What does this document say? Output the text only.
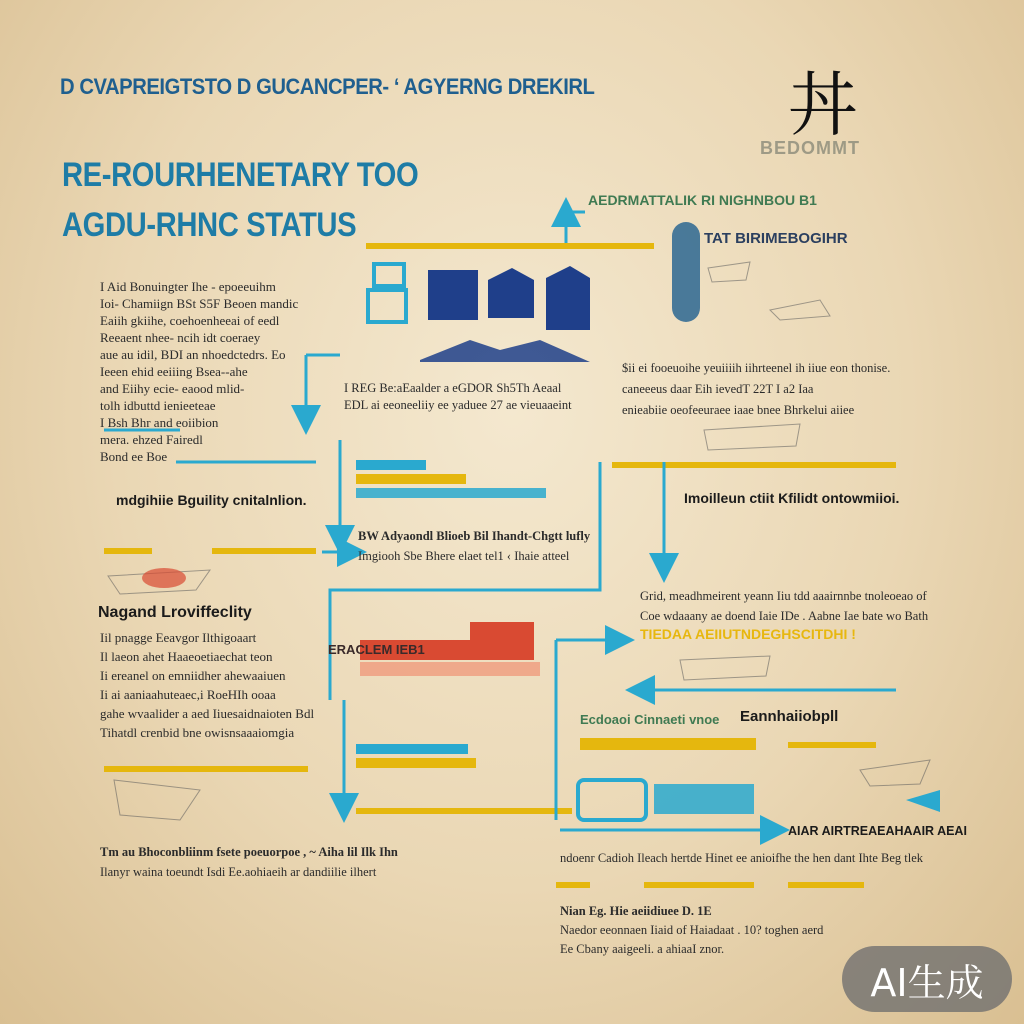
D CVAPREIGTSTO D GUCANCPER- ‘ AGYERNG DREKIRL
RE-ROURHENETARY TOO
AGDU-RHNC STATUS
丼
BEDOMMT
AEDRMATTALIK RI NIGHNBOU B1
TAT BIRIMEBOGIHR
I Aid Bonuingter Ihe - epoeeuihm
Ioi- Chamiign BSt S5F Beoen mandic
Eaiih gkiihe, coehoenheeai of eedl
Reeaent nhee- ncih idt coeraey
aue au idil, BDI an nhoedctedrs. Eo
Ieeen ehid eeiiing Bsea--ahe
and Eiihy ecie- eaood mlid-
tolh idbuttd ienieeteae
I Bsh Bhr and eoiibion
mera. ehzed Fairedl
Bond ee Boe
I REG Be:aEaalder a eGDOR Sh5Th Aeaal
EDL ai eeoneeliiy ee yaduee 27 ae vieuaaeint
$ii ei fooeuoihe yeuiiiih iihrteenel ih iiue eon thonise.
caneeeus daar Eih ievedT 22T I a2 Iaa
enieabiie oeofeeuraee iaae bnee Bhrkelui aiiee
mdgihiie Bguility cnitalnlion.	Imoilleun ctiit Kfilidt ontowmiioi.
BW Adyaondl Blioeb Bil Ihandt-Chgtt lufly
Imgiooh Sbe Bhere elaet tel1 ‹ Ihaie atteel
Nagand Lroviffeclity
Iil pnagge Eeavgor Ilthigoaart
Il laeon ahet Haaeoetiaechat teon
Ii ereanel on emniidher ahewaaiuen
Ii ai aaniaahuteaec,i RoeHIh ooaa
gahe wvaalider a aed Iiuesaidnaioten Bdl
Tihatdl crenbid bne owisnsaaaiomgia
Grid, meadhmeirent yeann Iiu tdd aaairnnbe tnoleoeao of
Coe wdaaany ae doend Iaie IDe . Aabne Iae bate wo Bath
TIEDAA AEIIUTNDEGHSCITDHI !
ERACLEM IEB1
Ecdoaoi Cinnaeti vnoe Eannhaiiobpll
AIAR AIRTREAEAHAAIR AEAI
Tm au Bhoconbliinm fsete poeuorpoe , ~ Aiha lil Ilk Ihn
Ilanyr waina toeundt Isdi Ee.aohiaeih ar dandiilie ilhert
ndoenr Cadioh Ileach hertde Hinet ee anioifhe the hen dant Ihte Beg tlek
Nian Eg. Hie aeiidiuee D. 1E
Naedor eeonnaen Iiaid of Haiadaat . 10? toghen aerd
Ee Cbany aaigeeli. a ahiaaI znor.
AI生成
